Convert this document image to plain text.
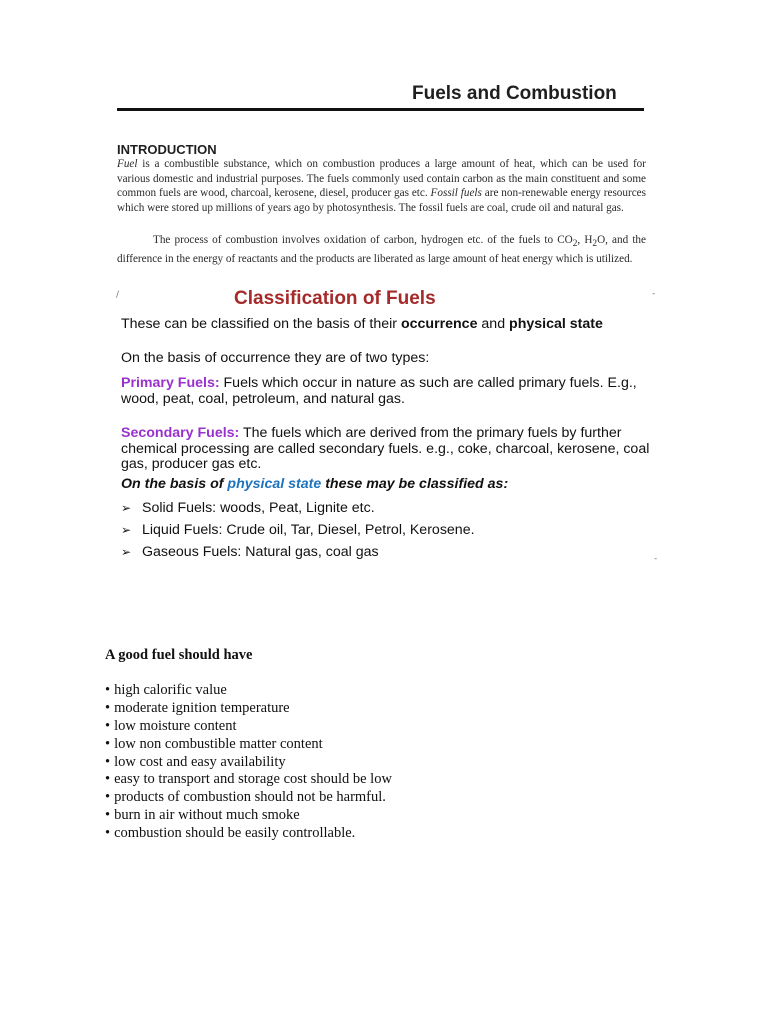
Fuels and Combustion
INTRODUCTION

Fuel is a combustible substance, which on combustion produces a large amount of heat, which can be used for various domestic and industrial purposes. The fuels commonly used contain carbon as the main constituent and some common fuels are wood, charcoal, kerosene, diesel, producer gas etc. Fossil fuels are non-renewable energy resources which were stored up millions of years ago by photosynthesis. The fossil fuels are coal, crude oil and natural gas.

The process of combustion involves oxidation of carbon, hydrogen etc. of the fuels to $CO_2$, $H_2O$, and the difference in the energy of reactants and the products are liberated as large amount of heat energy which is utilized.

/	-
-
Classification of Fuels

These can be classified on the basis of their occurrence and physical state

On the basis of occurrence they are of two types:

Primary Fuels: Fuels which occur in nature as such are called primary fuels. E.g., wood, peat, coal, petroleum, and natural gas.

Secondary Fuels: The fuels which are derived from the primary fuels by further chemical processing are called secondary fuels. e.g., coke, charcoal, kerosene, coal gas, producer gas etc.

On the basis of physical state these may be classified as:

➢ Solid Fuels: woods, Peat, Lignite etc.
➢ Liquid Fuels: Crude oil, Tar, Diesel, Petrol, Kerosene.
➢ Gaseous Fuels: Natural gas, coal gas
A good fuel should have
• high calorific value
• moderate ignition temperature
• low moisture content
• low non combustible matter content
• low cost and easy availability
• easy to transport and storage cost should be low
• products of combustion should not be harmful.
• burn in air without much smoke
• combustion should be easily controllable.
